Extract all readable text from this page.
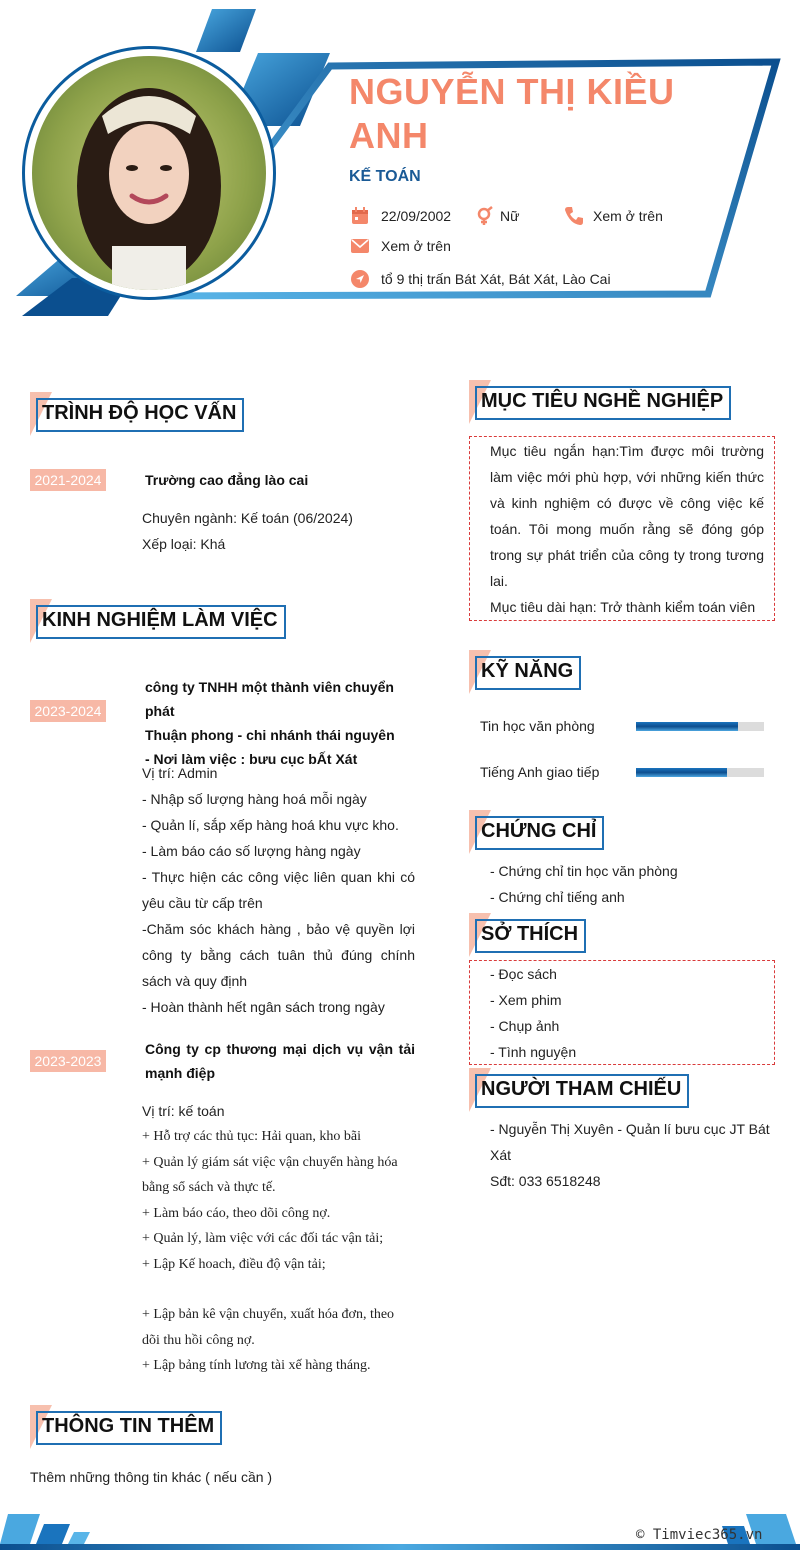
NGUYỄN THỊ KIỀU ANH
KẾ TOÁN
22/09/2002	Nữ	Xem ở trên
Xem ở trên
tổ 9 thị trấn Bát Xát, Bát Xát, Lào Cai
TRÌNH ĐỘ HỌC VẤN
2021-2024	Trường cao đẳng lào cai
Chuyên ngành: Kế toán (06/2024)
Xếp loại: Khá
KINH NGHIỆM LÀM VIỆC
2023-2024
công ty TNHH một thành viên chuyển phát
Thuận phong - chi nhánh thái nguyên
- Nơi làm việc : bưu cục bẤt Xát
Vị trí: Admin
- Nhập số lượng hàng hoá mỗi ngày
- Quản lí, sắp xếp hàng hoá khu vực kho.
- Làm báo cáo số lượng hàng ngày
- Thực hiện các công việc liên quan khi có
yêu cầu từ cấp trên
-Chăm sóc khách hàng , bảo vệ quyền lợi
công ty bằng cách tuân thủ đúng chính
sách và quy định
- Hoàn thành hết ngân sách trong ngày
2023-2023
Công ty cp thương mại dịch vụ vận tải
mạnh điệp
Vị trí: kế toán
+ Hỗ trợ các thủ tục: Hải quan, kho bãi
+ Quản lý giám sát việc vận chuyển hàng hóa
bằng sổ sách và thực tế.
+ Làm báo cáo, theo dõi công nợ.
+ Quản lý, làm việc với các đối tác vận tải;
+ Lập Kế hoach, điều độ vận tải;
+ Lập bản kê vận chuyển, xuất hóa đơn, theo
dõi thu hồi công nợ.
+ Lập bảng tính lương tài xế hàng tháng.
THÔNG TIN THÊM
Thêm những thông tin khác ( nếu cần )
MỤC TIÊU NGHỀ NGHIỆP
Mục tiêu ngắn hạn:Tìm được môi trường
làm việc mới phù hợp, với những kiến thức
và kinh nghiệm có được về công việc kế
toán. Tôi mong muốn rằng sẽ đóng góp
trong sự phát triển của công ty trong tương
lai.
Mục tiêu dài hạn: Trở thành kiểm toán viên
KỸ NĂNG
Tin học văn phòng
Tiếng Anh giao tiếp
CHỨNG CHỈ
- Chứng chỉ tin học văn phòng
- Chứng chỉ tiếng anh
SỞ THÍCH
- Đọc sách
- Xem phim
- Chụp ảnh
- Tình nguyện
NGƯỜI THAM CHIẾU
- Nguyễn Thị Xuyên - Quản lí bưu cục JT Bát
Xát
Sđt: 033 6518248
© Timviec365.vn
